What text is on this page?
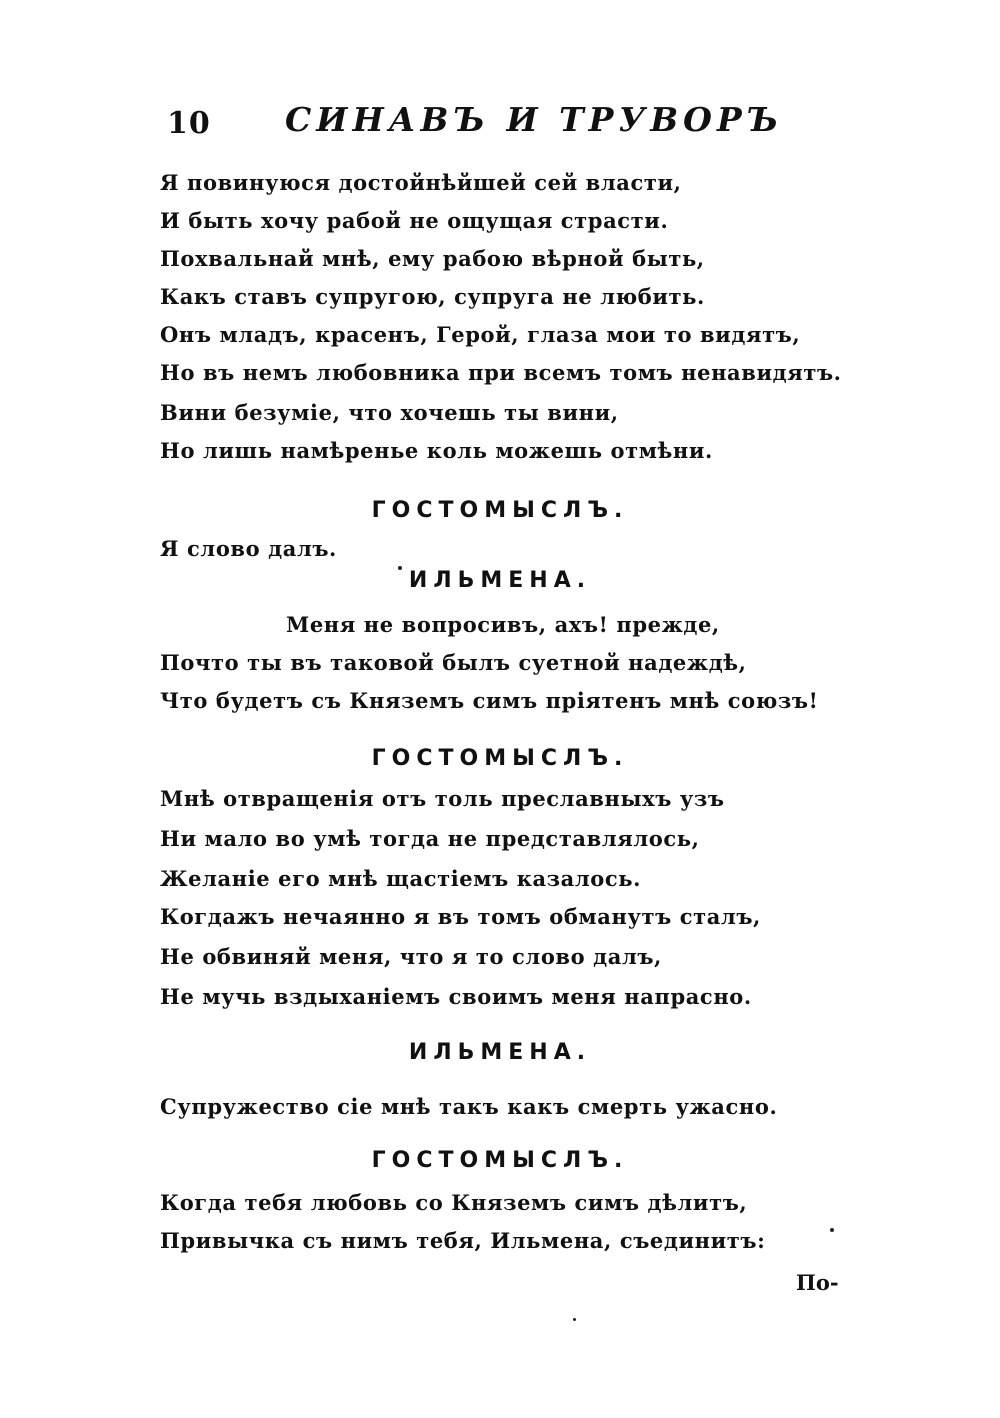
10 СИНАВЪ И ТРУВОРЪ
Я повинуюся достойнѣйшей сей власти,
И быть хочу рабой не ощущая страсти.
Похвальнай мнѣ, ему рабою вѣрной быть,
Какъ ставъ супругою, супруга не любить.
Онъ младъ, красенъ, Герой, глаза мои то видятъ,
Но въ немъ любовника при всемъ томъ ненавидятъ.
Вини безуміе, что хочешь ты вини,
Но лишь намѣренье коль можешь отмѣни.
ГОСТОМЫСЛЪ.
Я слово далъ.
ИЛЬМЕНА.
Меня не вопросивъ, ахъ! прежде,
Почто ты въ таковой былъ суетной надеждѣ,
Что будетъ съ Княземъ симъ пріятенъ мнѣ союзъ!
ГОСТОМЫСЛЪ.
Мнѣ отвращенія отъ толь преславныхъ узъ
Ни мало во умѣ тогда не представлялось,
Желаніе его мнѣ щастіемъ казалось.
Когдажъ нечаянно я въ томъ обманутъ сталъ,
Не обвиняй меня, что я то слово далъ,
Не мучь вздыханіемъ своимъ меня напрасно.
ИЛЬМЕНА.
Супружество сіе мнѣ такъ какъ смерть ужасно.
ГОСТОМЫСЛЪ.
Когда тебя любовь со Княземъ симъ дѣлитъ,
Привычка съ нимъ тебя, Ильмена, съединитъ:
По-
